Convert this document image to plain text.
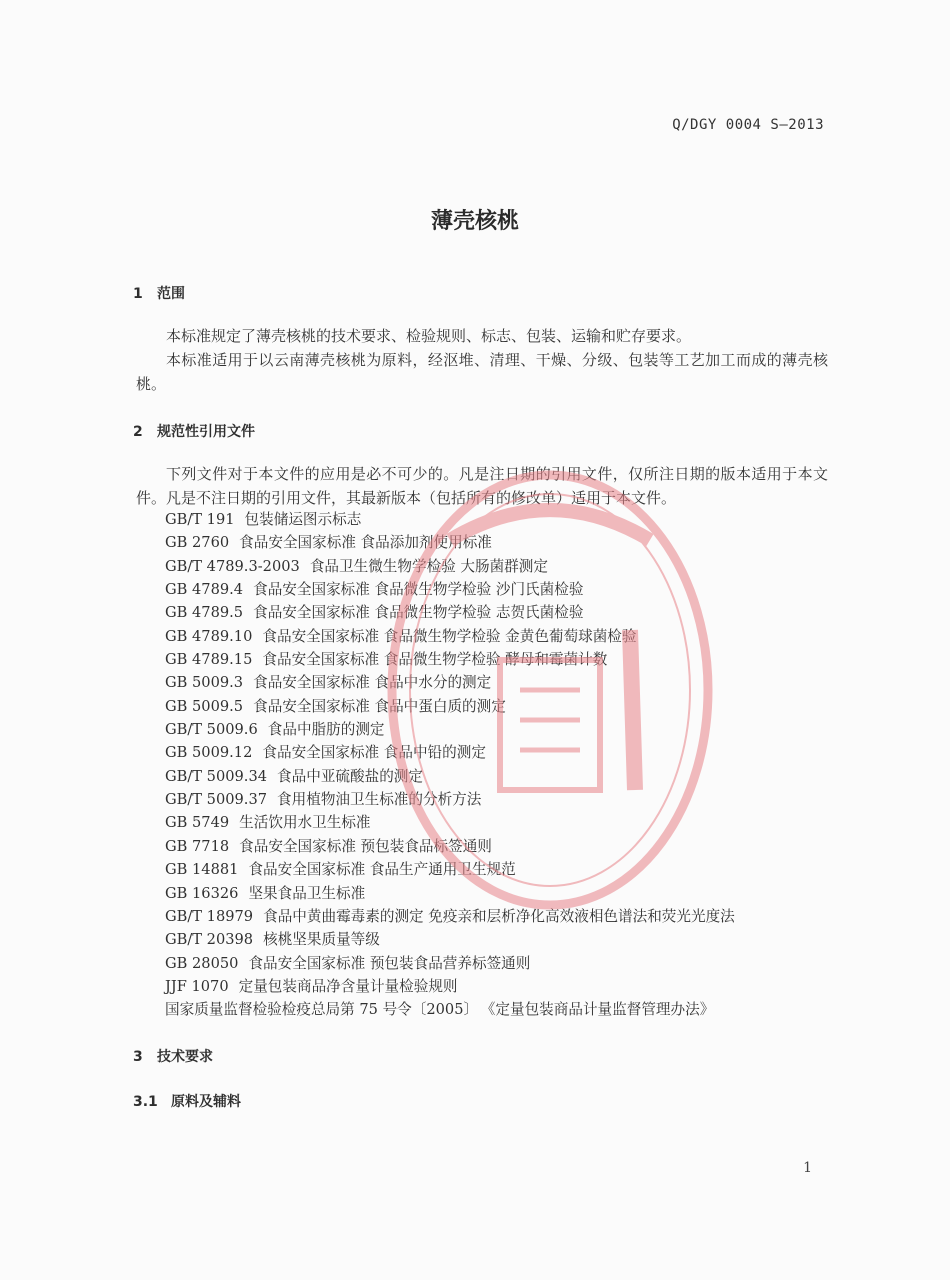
Q/DGY 0004 S—2013
薄壳核桃
1 范围
本标准规定了薄壳核桃的技术要求、检验规则、标志、包装、运输和贮存要求。
本标准适用于以云南薄壳核桃为原料，经沤堆、清理、干燥、分级、包装等工艺加工而成的薄壳核桃。
2 规范性引用文件
下列文件对于本文件的应用是必不可少的。凡是注日期的引用文件，仅所注日期的版本适用于本文件。凡是不注日期的引用文件，其最新版本（包括所有的修改单）适用于本文件。
GB/T 191 包装储运图示标志
GB 2760 食品安全国家标准 食品添加剂使用标准
GB/T 4789.3-2003 食品卫生微生物学检验 大肠菌群测定
GB 4789.4 食品安全国家标准 食品微生物学检验 沙门氏菌检验
GB 4789.5 食品安全国家标准 食品微生物学检验 志贺氏菌检验
GB 4789.10 食品安全国家标准 食品微生物学检验 金黄色葡萄球菌检验
GB 4789.15 食品安全国家标准 食品微生物学检验 酵母和霉菌计数
GB 5009.3 食品安全国家标准 食品中水分的测定
GB 5009.5 食品安全国家标准 食品中蛋白质的测定
GB/T 5009.6 食品中脂肪的测定
GB 5009.12 食品安全国家标准 食品中铅的测定
GB/T 5009.34 食品中亚硫酸盐的测定
GB/T 5009.37 食用植物油卫生标准的分析方法
GB 5749 生活饮用水卫生标准
GB 7718 食品安全国家标准 预包装食品标签通则
GB 14881 食品安全国家标准 食品生产通用卫生规范
GB 16326 坚果食品卫生标准
GB/T 18979 食品中黄曲霉毒素的测定 免疫亲和层析净化高效液相色谱法和荧光光度法
GB/T 20398 核桃坚果质量等级
GB 28050 食品安全国家标准 预包装食品营养标签通则
JJF 1070 定量包装商品净含量计量检验规则
国家质量监督检验检疫总局第 75 号令〔2005〕 《定量包装商品计量监督管理办法》
3 技术要求
3.1 原料及辅料
1
